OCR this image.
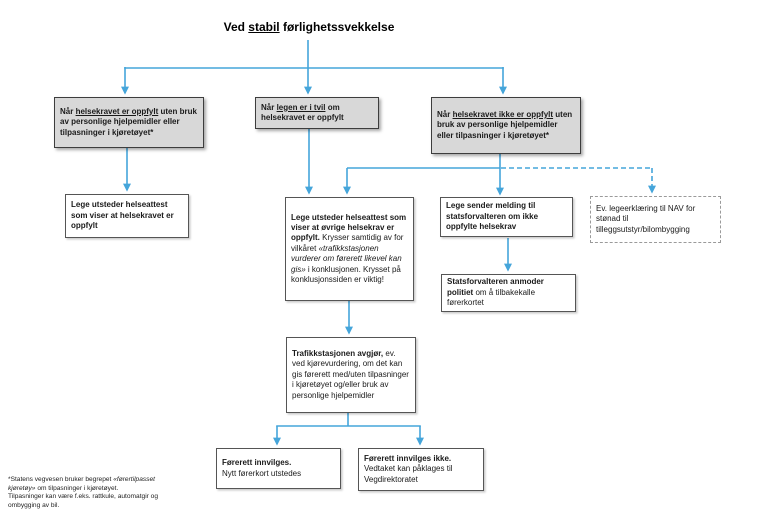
Ved stabil førlighetssvekkelse
Når helsekravet er oppfylt uten bruk av personlige hjelpemidler eller tilpasninger i kjøretøyet*
Når legen er i tvil om helsekravet er oppfylt	Når helsekravet ikke er oppfylt uten bruk av personlige hjelpemidler eller tilpasninger i kjøretøyet*
Lege utsteder helseattest som viser at helsekravet er oppfylt
Lege utsteder helseattest som viser at øvrige helsekrav er oppfylt. Krysser samtidig av for vilkåret «trafikkstasjonen vurderer om førerett likevel kan gis» i konklusjonen. Krysset på konklusjonssiden er viktig!
Lege sender melding til statsforvalteren om ikke oppfylte helsekrav
Ev. legeerklæring til NAV for stønad til tilleggsutstyr/bilombygging
Statsforvalteren anmoder politiet om å tilbakekalle førerkortet
Trafikkstasjonen avgjør, ev. ved kjørevurdering, om det kan gis førerett med/uten tilpasninger i kjøretøyet og/eller bruk av personlige hjelpemidler
Førerett innvilges.
Nytt førerkort utstedes
Førerett innvilges ikke.
Vedtaket kan påklages til Vegdirektoratet

*Statens vegvesen bruker begrepet «førertilpasset kjøretøy» om tilpasninger i kjøretøyet.

Tilpasninger kan være f.eks. rattkule, automatgir og ombygging av bil.
